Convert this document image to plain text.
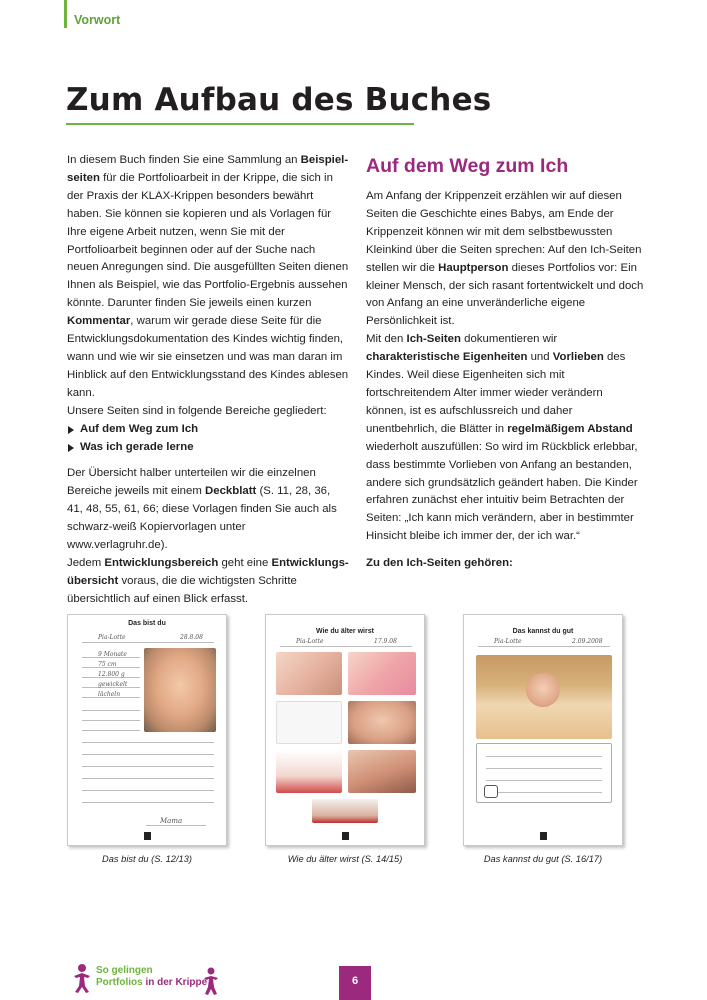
Vorwort
Zum Aufbau des Buches

In diesem Buch finden Sie eine Sammlung an Beispiel-seiten für die Portfolioarbeit in der Krippe, die sich in der Praxis der KLAX-Krippen besonders bewährt haben. Sie können sie kopieren und als Vorlagen für Ihre eigene Arbeit nutzen, wenn Sie mit der Portfolioarbeit beginnen oder auf der Suche nach neuen Anregungen sind. Die ausgefüllten Seiten dienen Ihnen als Beispiel, wie das Portfolio-Ergebnis aussehen könnte. Darunter finden Sie jeweils einen kurzen Kommentar, warum wir gerade diese Seite für die Entwicklungsdokumentation des Kindes wichtig finden, wann und wie wir sie einsetzen und was man daran im Hinblick auf den Entwicklungsstand des Kindes ablesen kann.

Unsere Seiten sind in folgende Bereiche gegliedert:

Auf dem Weg zum Ich
Was ich gerade lerne

Der Übersicht halber unterteilen wir die einzelnen Bereiche jeweils mit einem Deckblatt (S. 11, 28, 36, 41, 48, 55, 61, 66; diese Vorlagen finden Sie auch als schwarz-weiß Kopiervorlagen unter www.verlagruhr.de).

Jedem Entwicklungsbereich geht eine Entwicklungs-übersicht voraus, die die wichtigsten Schritte übersichtlich auf einen Blick erfasst.

Auf dem Weg zum Ich

Am Anfang der Krippenzeit erzählen wir auf diesen Seiten die Geschichte eines Babys, am Ende der Krippenzeit können wir mit dem selbstbewussten Kleinkind über die Seiten sprechen: Auf den Ich-Seiten stellen wir die Hauptperson dieses Portfolios vor: Ein kleiner Mensch, der sich rasant fortentwickelt und doch von Anfang an eine unveränderliche eigene Persönlichkeit ist.

Mit den Ich-Seiten dokumentieren wir charakteristische Eigenheiten und Vorlieben des Kindes. Weil diese Eigenheiten sich mit fortschreitendem Alter immer wieder verändern können, ist es aufschlussreich und daher unentbehrlich, die Blätter in regelmäßigem Abstand wiederholt auszufüllen: So wird im Rückblick erlebbar, dass bestimmte Vorlieben von Anfang an bestanden, andere sich grundsätzlich geändert haben. Die Kinder erfahren zunächst eher intuitiv beim Betrachten der Seiten: „Ich kann mich verändern, aber in bestimmter Hinsicht bleibe ich immer der, der ich war.“

Zu den Ich-Seiten gehören:

Das bist du
Pia-Lotte	28.8.08
9 Monate
75 cm
12.800 g
gewickelt
lächeln
Mama
Wie du älter wirst
Pia-Lotte	17.9.08
Das kannst du gut
Pia-Lotte	2.09.2008
Das bist du (S. 12/13)	Wie du älter wirst (S. 14/15)	Das kannst du gut (S. 16/17)
So gelingen
Portfolios in der Krippe	6
